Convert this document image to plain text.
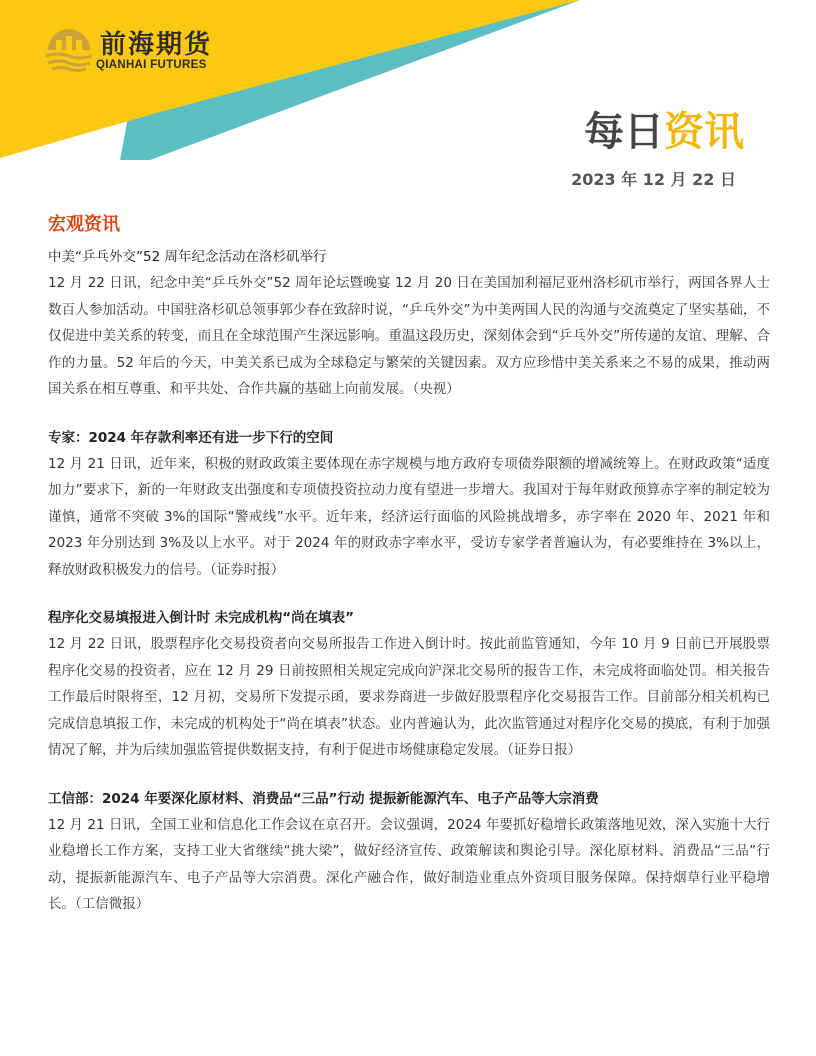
前海期货
QIANHAI FUTURES
每日资讯
2023 年 12 月 22 日
宏观资讯
中美“乒乓外交”52 周年纪念活动在洛杉矶举行

12 月 22 日讯，纪念中美“乒乓外交”52 周年论坛暨晚宴 12 月 20 日在美国加利福尼亚州洛杉矶市举行，两国各界人士数百人参加活动。中国驻洛杉矶总领事郭少春在致辞时说，“乒乓外交”为中美两国人民的沟通与交流奠定了坚实基础，不仅促进中美关系的转变，而且在全球范围产生深远影响。重温这段历史，深刻体会到“乒乓外交”所传递的友谊、理解、合作的力量。52 年后的今天，中美关系已成为全球稳定与繁荣的关键因素。双方应珍惜中美关系来之不易的成果，推动两国关系在相互尊重、和平共处、合作共赢的基础上向前发展。（央视）

专家：2024 年存款利率还有进一步下行的空间

12 月 21 日讯，近年来，积极的财政政策主要体现在赤字规模与地方政府专项债券限额的增减统筹上。在财政政策“适度加力”要求下，新的一年财政支出强度和专项债投资拉动力度有望进一步增大。我国对于每年财政预算赤字率的制定较为谨慎，通常不突破 3%的国际“警戒线”水平。近年来，经济运行面临的风险挑战增多，赤字率在 2020 年、2021 年和 2023 年分别达到 3%及以上水平。对于 2024 年的财政赤字率水平，受访专家学者普遍认为，有必要维持在 3%以上，释放财政积极发力的信号。（证券时报）

程序化交易填报进入倒计时 未完成机构“尚在填表”

12 月 22 日讯，股票程序化交易投资者向交易所报告工作进入倒计时。按此前监管通知，今年 10 月 9 日前已开展股票程序化交易的投资者，应在 12 月 29 日前按照相关规定完成向沪深北交易所的报告工作，未完成将面临处罚。相关报告工作最后时限将至，12 月初，交易所下发提示函，要求券商进一步做好股票程序化交易报告工作。目前部分相关机构已完成信息填报工作，未完成的机构处于“尚在填表”状态。业内普遍认为，此次监管通过对程序化交易的摸底，有利于加强情况了解，并为后续加强监管提供数据支持，有利于促进市场健康稳定发展。（证券日报）

工信部：2024 年要深化原材料、消费品“三品”行动 提振新能源汽车、电子产品等大宗消费

12 月 21 日讯，全国工业和信息化工作会议在京召开。会议强调，2024 年要抓好稳增长政策落地见效，深入实施十大行业稳增长工作方案，支持工业大省继续“挑大梁”，做好经济宣传、政策解读和舆论引导。深化原材料、消费品“三品”行动，提振新能源汽车、电子产品等大宗消费。深化产融合作，做好制造业重点外资项目服务保障。保持烟草行业平稳增长。（工信微报）
